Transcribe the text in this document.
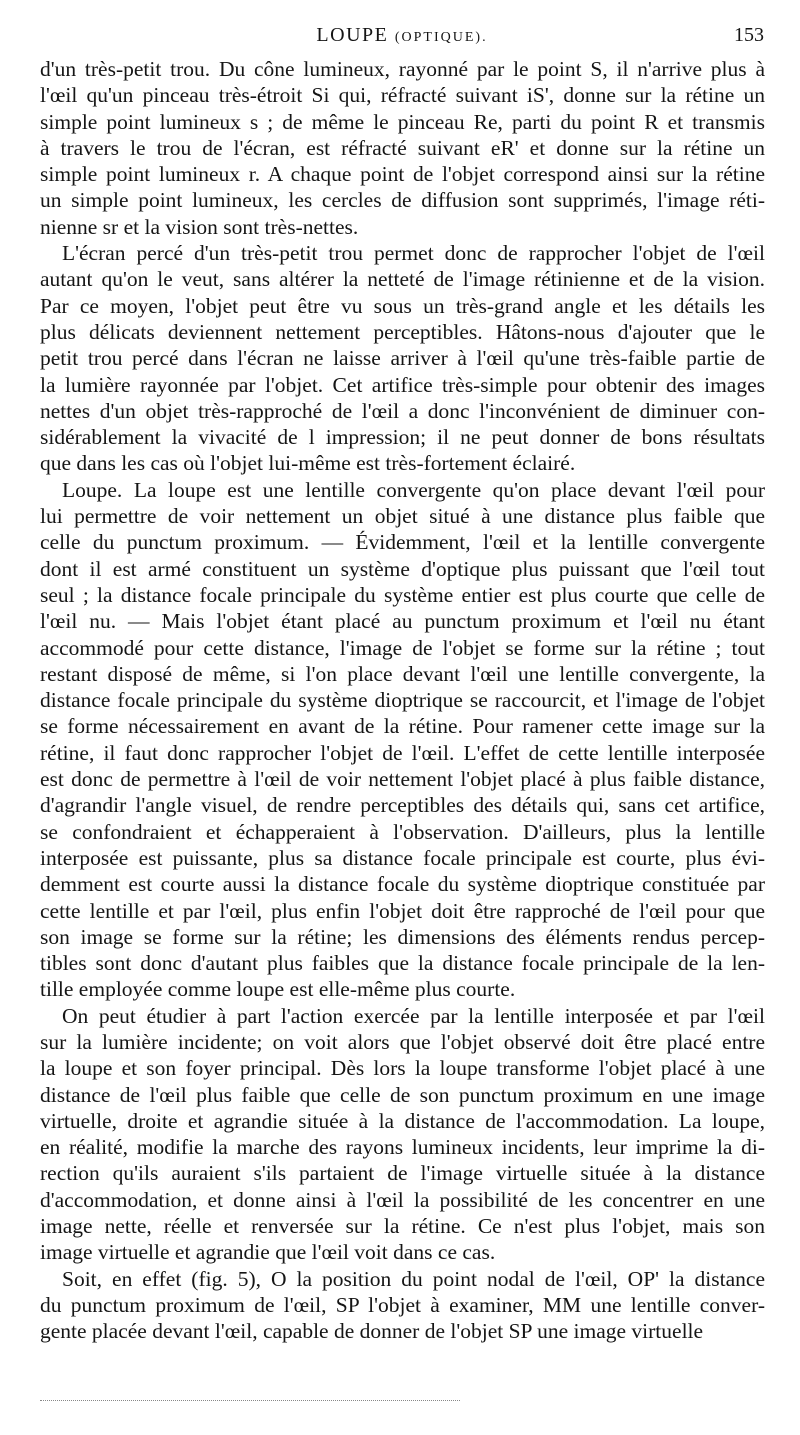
LOUPE (OPTIQUE).	153
d'un très-petit trou. Du cône lumineux, rayonné par le point S, il n'arrive plus à
l'œil qu'un pinceau très-étroit Si qui, réfracté suivant iS', donne sur la rétine un
simple point lumineux s ; de même le pinceau Re, parti du point R et transmis
à travers le trou de l'écran, est réfracté suivant eR' et donne sur la rétine un
simple point lumineux r. A chaque point de l'objet correspond ainsi sur la rétine
un simple point lumineux, les cercles de diffusion sont supprimés, l'image réti-
nienne sr et la vision sont très-nettes.
L'écran percé d'un très-petit trou permet donc de rapprocher l'objet de l'œil
autant qu'on le veut, sans altérer la netteté de l'image rétinienne et de la vision.
Par ce moyen, l'objet peut être vu sous un très-grand angle et les détails les
plus délicats deviennent nettement perceptibles. Hâtons-nous d'ajouter que le
petit trou percé dans l'écran ne laisse arriver à l'œil qu'une très-faible partie de
la lumière rayonnée par l'objet. Cet artifice très-simple pour obtenir des images
nettes d'un objet très-rapproché de l'œil a donc l'inconvénient de diminuer con-
sidérablement la vivacité de l impression; il ne peut donner de bons résultats
que dans les cas où l'objet lui-même est très-fortement éclairé.
Loupe. La loupe est une lentille convergente qu'on place devant l'œil pour
lui permettre de voir nettement un objet situé à une distance plus faible que
celle du punctum proximum. — Évidemment, l'œil et la lentille convergente
dont il est armé constituent un système d'optique plus puissant que l'œil tout
seul ; la distance focale principale du système entier est plus courte que celle de
l'œil nu. — Mais l'objet étant placé au punctum proximum et l'œil nu étant
accommodé pour cette distance, l'image de l'objet se forme sur la rétine ; tout
restant disposé de même, si l'on place devant l'œil une lentille convergente, la
distance focale principale du système dioptrique se raccourcit, et l'image de l'objet
se forme nécessairement en avant de la rétine. Pour ramener cette image sur la
rétine, il faut donc rapprocher l'objet de l'œil. L'effet de cette lentille interposée
est donc de permettre à l'œil de voir nettement l'objet placé à plus faible distance,
d'agrandir l'angle visuel, de rendre perceptibles des détails qui, sans cet artifice,
se confondraient et échapperaient à l'observation. D'ailleurs, plus la lentille
interposée est puissante, plus sa distance focale principale est courte, plus évi-
demment est courte aussi la distance focale du système dioptrique constituée par
cette lentille et par l'œil, plus enfin l'objet doit être rapproché de l'œil pour que
son image se forme sur la rétine; les dimensions des éléments rendus percep-
tibles sont donc d'autant plus faibles que la distance focale principale de la len-
tille employée comme loupe est elle-même plus courte.
On peut étudier à part l'action exercée par la lentille interposée et par l'œil
sur la lumière incidente; on voit alors que l'objet observé doit être placé entre
la loupe et son foyer principal. Dès lors la loupe transforme l'objet placé à une
distance de l'œil plus faible que celle de son punctum proximum en une image
virtuelle, droite et agrandie située à la distance de l'accommodation. La loupe,
en réalité, modifie la marche des rayons lumineux incidents, leur imprime la di-
rection qu'ils auraient s'ils partaient de l'image virtuelle située à la distance
d'accommodation, et donne ainsi à l'œil la possibilité de les concentrer en une
image nette, réelle et renversée sur la rétine. Ce n'est plus l'objet, mais son
image virtuelle et agrandie que l'œil voit dans ce cas.
Soit, en effet (fig. 5), O la position du point nodal de l'œil, OP' la distance
du punctum proximum de l'œil, SP l'objet à examiner, MM une lentille conver-
gente placée devant l'œil, capable de donner de l'objet SP une image virtuelle
